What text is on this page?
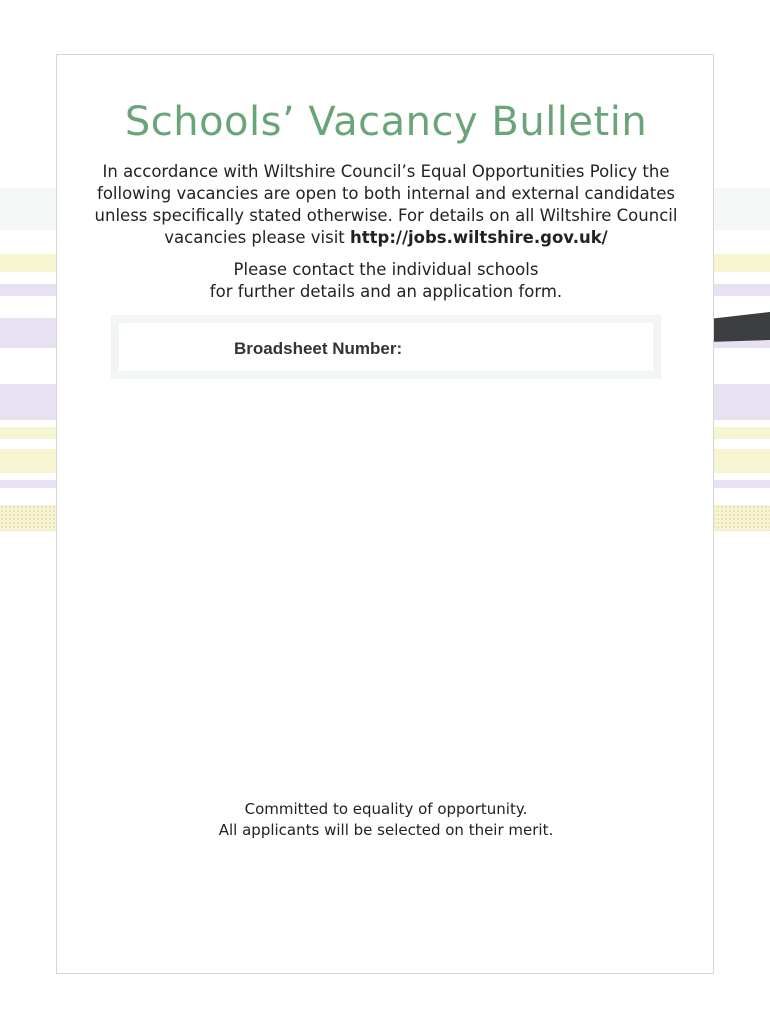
Schools’ Vacancy Bulletin

In accordance with Wiltshire Council’s Equal Opportunities Policy the
following vacancies are open to both internal and external candidates
unless specifically stated otherwise. For details on all Wiltshire Council
vacancies please visit http://jobs.wiltshire.gov.uk/

Please contact the individual schools
for further details and an application form.

Broadsheet Number:

Committed to equality of opportunity.
All applicants will be selected on their merit.
